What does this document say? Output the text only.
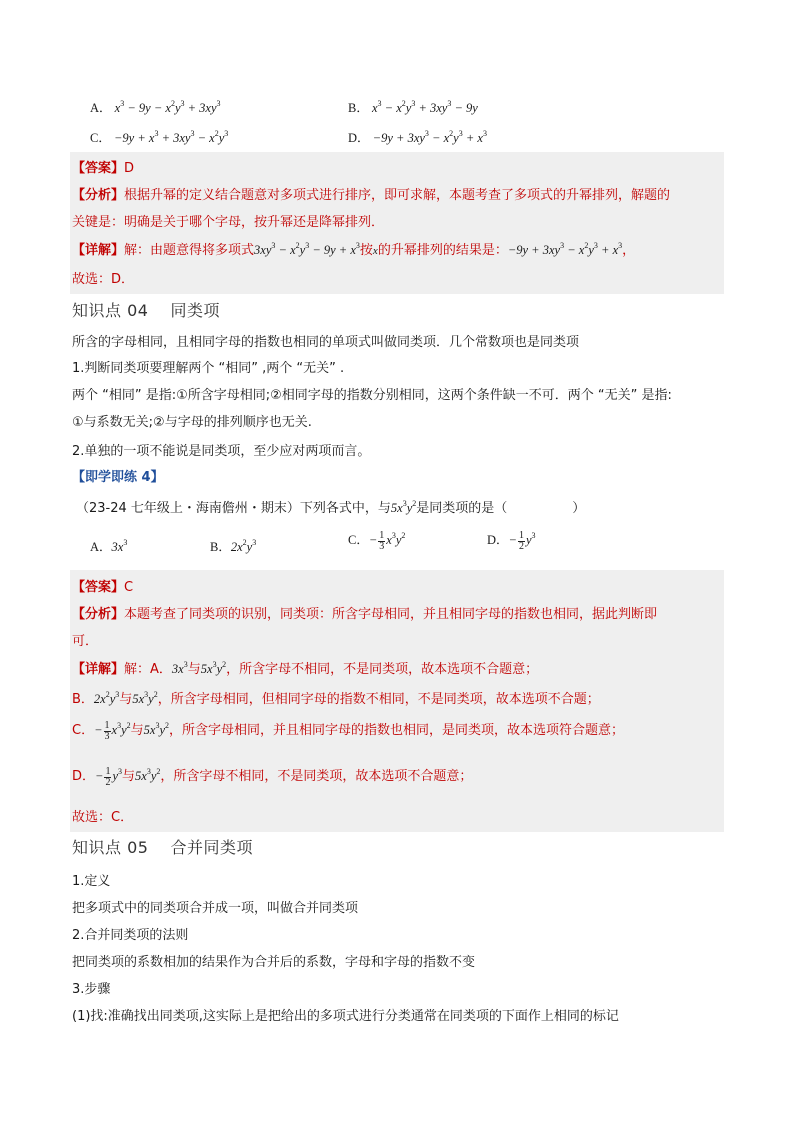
A． $x^3 - 9y - x^2y^3 + 3xy^3$	B． $x^3 - x^2y^3 + 3xy^3 - 9y$
C． $-9y + x^3 + 3xy^3 - x^2y^3$	D． $-9y + 3xy^3 - x^2y^3 + x^3$
【答案】D
【分析】根据升幂的定义结合题意对多项式进行排序，即可求解，本题考查了多项式的升幂排列，解题的
关键是：明确是关于哪个字母，按升幂还是降幂排列．
【详解】解：由题意得将多项式$3xy^3 - x^2y^3 - 9y + x^3$按x的升幂排列的结果是：$-9y + 3xy^3 - x^2y^3 + x^3$，
故选：D．
知识点 04　 同类项
所含的字母相同，且相同字母的指数也相同的单项式叫做同类项．几个常数项也是同类项
1.判断同类项要理解两个 “相同” ,两个 “无关” .
两个 “相同” 是指:①所含字母相同;②相同字母的指数分别相同，这两个条件缺一不可．两个 “无关” 是指:
①与系数无关;②与字母的排列顺序也无关.
2.单独的一项不能说是同类项，至少应对两项而言。
【即学即练 4】
（23-24 七年级上・海南儋州・期末）下列各式中，与$5x^3y^2$是同类项的是（　　　　　）
A．$3x^3$	B．$2x^2y^3$	C．− $\frac{1}{3} x^3y^2$	D．− $\frac{1}{2} y^3$
【答案】C
【分析】本题考查了同类项的识别，同类项：所含字母相同，并且相同字母的指数也相同，据此判断即
可．
【详解】解：A．$3x^3$与$5x^3y^2$，所含字母不相同，不是同类项，故本选项不合题意；
B．$2x^2y^3$与$5x^3y^2$，所含字母相同，但相同字母的指数不相同，不是同类项，故本选项不合题；
C．− $\frac{1}{3} x^3y^2$与$5x^3y^2$，所含字母相同，并且相同字母的指数也相同，是同类项，故本选项符合题意；
D．− $\frac{1}{2} y^3$与$5x^3y^2$，所含字母不相同，不是同类项，故本选项不合题意；
故选：C．
知识点 05　 合并同类项
1.定义
把多项式中的同类项合并成一项，叫做合并同类项
2.合并同类项的法则
把同类项的系数相加的结果作为合并后的系数，字母和字母的指数不变
3.步骤
(1)找:准确找出同类项,这实际上是把给出的多项式进行分类通常在同类项的下面作上相同的标记
